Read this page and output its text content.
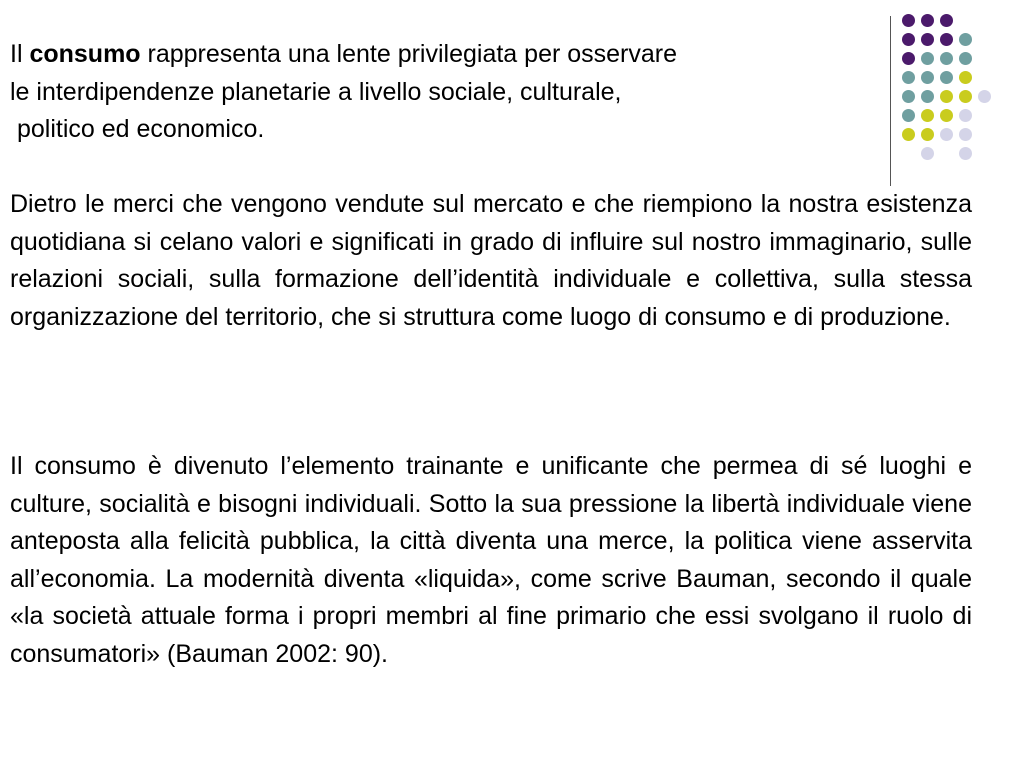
Il consumo rappresenta una lente privilegiata per osservare
le interdipendenze planetarie a livello sociale, culturale,
politico ed economico.

Dietro le merci che vengono vendute sul mercato e che riempiono la nostra esistenza quotidiana si celano valori e significati in grado di influire sul nostro immaginario, sulle relazioni sociali, sulla formazione dell’identità individuale e collettiva, sulla stessa organizzazione del territorio, che si struttura come luogo di consumo e di produzione.

Il consumo è divenuto l’elemento trainante e unificante che permea di sé luoghi e culture, socialità e bisogni individuali. Sotto la sua pressione la libertà individuale viene anteposta alla felicità pubblica, la città diventa una merce, la politica viene asservita all’economia. La modernità diventa «liquida», come scrive Bauman, secondo il quale «la società attuale forma i propri membri al fine primario che essi svolgano il ruolo di consumatori» (Bauman 2002: 90).
